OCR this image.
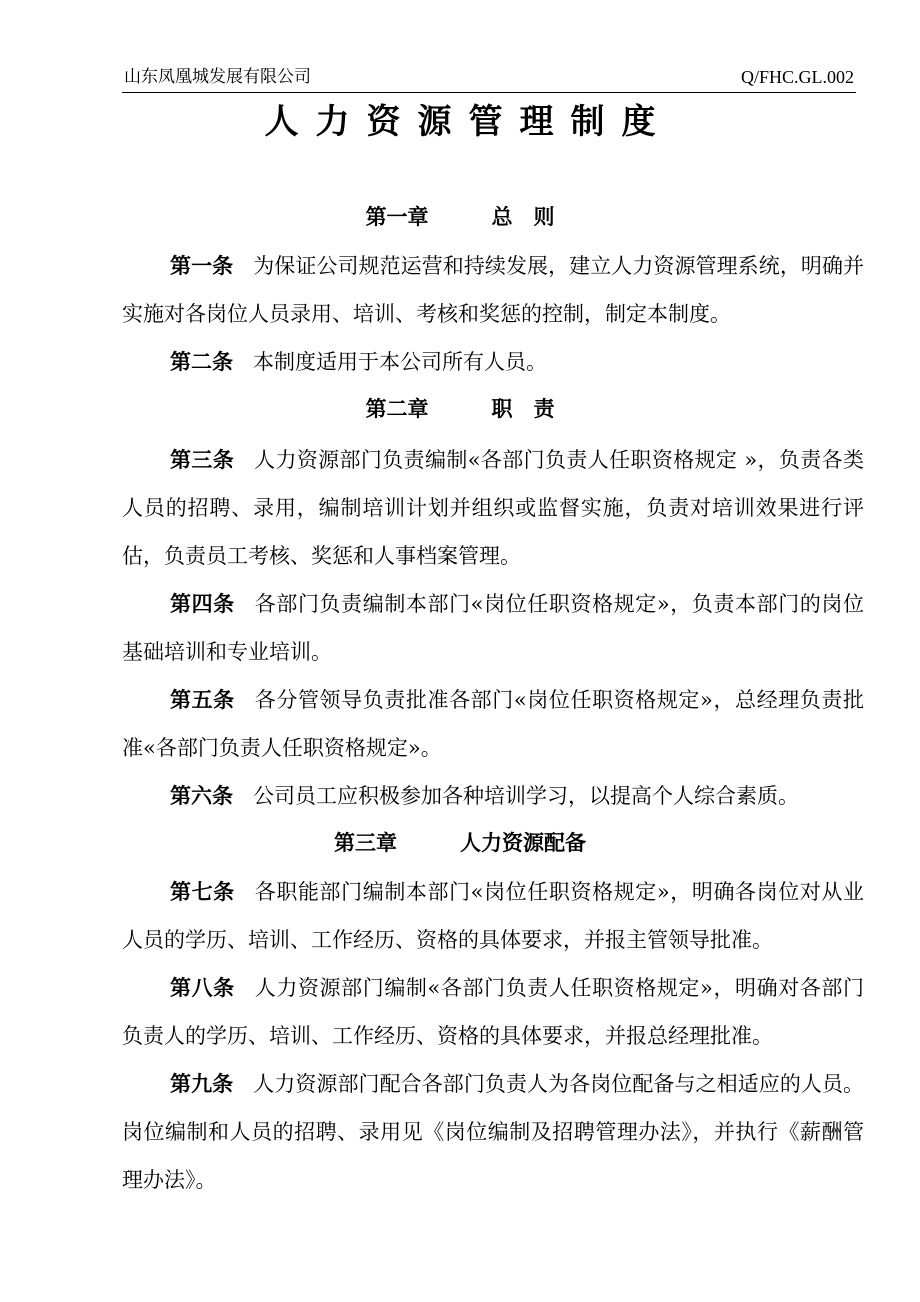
山东凤凰城发展有限公司	Q/FHC.GL.002
人力资源管理制度
第一章　　　	总　则
第一条 为保证公司规范运营和持续发展，建立人力资源管理系统，明确并实施对各岗位人员录用、培训、考核和奖惩的控制，制定本制度。
第二条 本制度适用于本公司所有人员。
第二章　　　	职　责
第三条 人力资源部门负责编制«各部门负责人任职资格规定 »，负责各类人员的招聘、录用，编制培训计划并组织或监督实施，负责对培训效果进行评估，负责员工考核、奖惩和人事档案管理。
第四条 各部门负责编制本部门«岗位任职资格规定»，负责本部门的岗位基础培训和专业培训。
第五条 各分管领导负责批准各部门«岗位任职资格规定»，总经理负责批准«各部门负责人任职资格规定»。
第六条 公司员工应积极参加各种培训学习，以提高个人综合素质。
第三章　　　	人力资源配备
第七条 各职能部门编制本部门«岗位任职资格规定»，明确各岗位对从业人员的学历、培训、工作经历、资格的具体要求，并报主管领导批准。
第八条 人力资源部门编制«各部门负责人任职资格规定»，明确对各部门负责人的学历、培训、工作经历、资格的具体要求，并报总经理批准。
第九条 人力资源部门配合各部门负责人为各岗位配备与之相适应的人员。岗位编制和人员的招聘、录用见《岗位编制及招聘管理办法》，并执行《薪酬管理办法》。
